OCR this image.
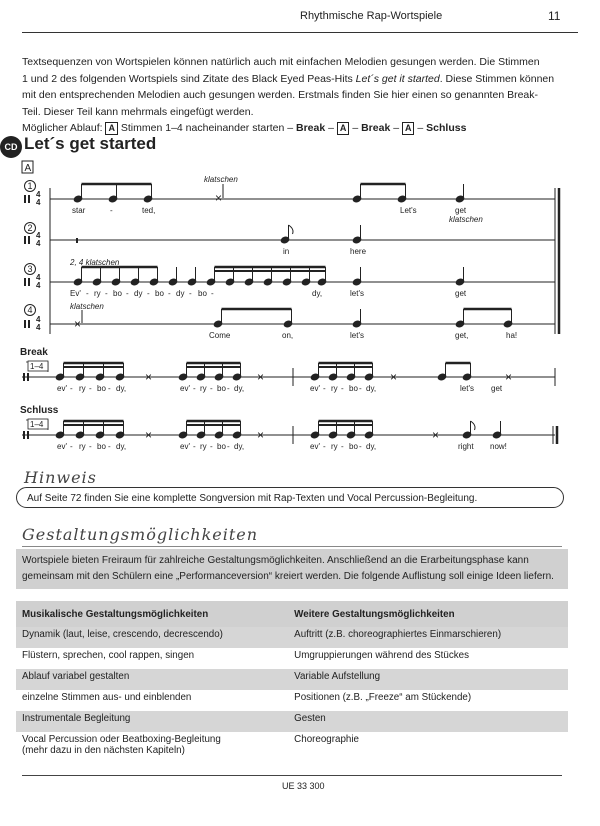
Rhythmische Rap-Wortspiele	11

Textsequenzen von Wortspielen können natürlich auch mit einfachen Melodien gesungen werden. Die Stimmen

1 und 2 des folgenden Wortspiels sind Zitate des Black Eyed Peas-Hits Let´s get it started. Diese Stimmen können

mit den entsprechenden Melodien auch gesungen werden. Erstmals finden Sie hier einen so genannten Break-

Teil. Dieser Teil kann mehrmals eingefügt werden.

Möglicher Ablauf: A Stimmen 1–4 nacheinander starten – Break – A – Break – A – Schluss

CD Let´s get started
A
1
2
3
4
4
4
4
4
4
4
4
4
×
klatschen
star	-	ted,	Let's	get
klatschen
in	here
2, 4 klatschen
Ev' - ry - bo - dy - bo - dy - bo -	dy,	let's	get
×
klatschen
Come	on,	let's	get,	ha!
Break
1–4
×	×	×	×
ev' - ry - bo - dy,	ev' - ry - bo - dy,	ev' - ry - bo - dy,	let's get
Schluss
1–4
×	×	×
ev' - ry - bo - dy,	ev' - ry - bo - dy,	ev' - ry - bo - dy,	right now!
Hinweis
Auf Seite 72 finden Sie eine komplette Songversion mit Rap-Texten und Vocal Percussion-Begleitung.
Gestaltungsmöglichkeiten
Wortspiele bieten Freiraum für zahlreiche Gestaltungsmöglichkeiten. Anschließend an die Erarbeitungsphase kann gemeinsam mit den Schülern eine „Performanceversion“ kreiert werden. Die folgende Auflistung soll einige Ideen liefern.
Musikalische Gestaltungsmöglichkeiten	Weitere Gestaltungsmöglichkeiten
Dynamik (laut, leise, crescendo, decrescendo)	Auftritt (z.B. choreographiertes Einmarschieren)
Flüstern, sprechen, cool rappen, singen	Umgruppierungen während des Stückes
Ablauf variabel gestalten	Variable Aufstellung
einzelne Stimmen aus- und einblenden	Positionen (z.B. „Freeze“ am Stückende)
Instrumentale Begleitung	Gesten
Vocal Percussion oder Beatboxing-Begleitung
(mehr dazu in den nächsten Kapiteln)	Choreographie
UE 33 300
